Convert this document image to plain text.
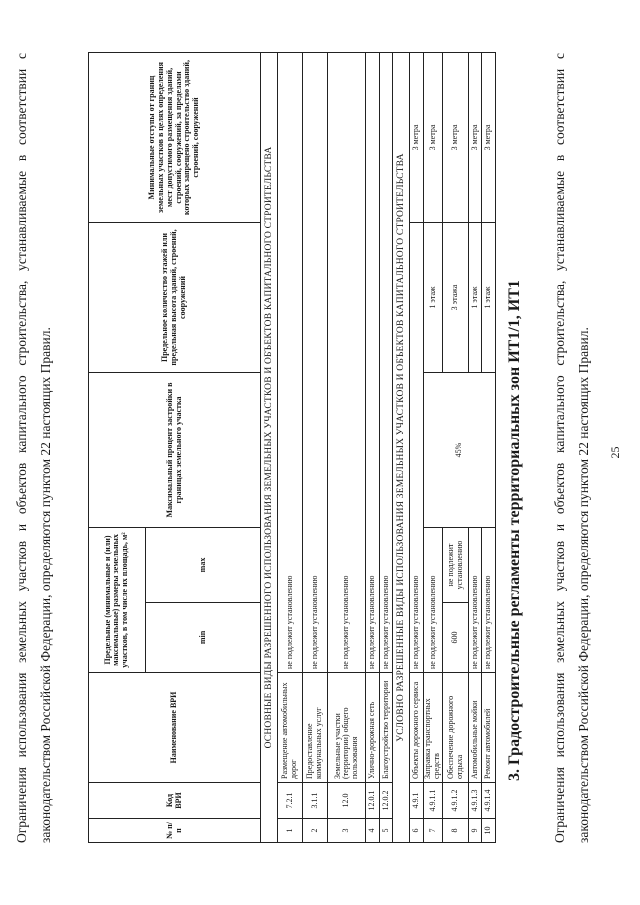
25
Ограничения использования земельных участков и объектов капитального строительства, устанавливаемые в соответствии с законодательством Российской Федерации, определяются пунктом 22 настоящих Правил.
3. Градостроительные регламенты территориальных зон ИТ1/1, ИТ1
№ п/п	Код ВРИ	Наименование ВРИ	Предельные (минимальные и (или) максимальные) размеры земельных участков, в том числе их площадь, м²		Максимальный процент застройки в границах земельного участка	Предельное количество этажей или предельная высота зданий, строений, сооружений	Минимальные отступы от границ земельных участков в целях определения мест допустимого размещения зданий, строений, сооружений, за пределами которых запрещено строительство зданий, строений, сооружений
			min	max			
ОСНОВНЫЕ ВИДЫ РАЗРЕШЕННОГО ИСПОЛЬЗОВАНИЯ ЗЕМЕЛЬНЫХ УЧАСТКОВ И ОБЪЕКТОВ КАПИТАЛЬНОГО СТРОИТЕЛЬСТВА							
1	7.2.1	Размещение автомобильных дорог	не подлежит установлению				
2	3.1.1	Предоставление коммунальных услуг	не подлежит установлению				
3	12.0	Земельные участки (территории) общего пользования	не подлежит установлению				
4	12.0.1	Улично-дорожная сеть	не подлежит установлению				
5	12.0.2	Благоустройство территории	не подлежит установлению				
УСЛОВНО РАЗРЕШЕННЫЕ ВИДЫ ИСПОЛЬЗОВАНИЯ ЗЕМЕЛЬНЫХ УЧАСТКОВ И ОБЪЕКТОВ КАПИТАЛЬНОГО СТРОИТЕЛЬСТВА							
6	4.9.1	Объекты дорожного сервиса	не подлежит установлению				3 метра
7	4.9.1.1	Заправка транспортных средств	не подлежит установлению		45%	1 этаж	3 метра
8	4.9.1.2	Обеспечение дорожного отдыха	600	не подлежит установлению		3 этажа	3 метра
9	4.9.1.3	Автомобильные мойки	не подлежит установлению			1 этаж	3 метра
10	4.9.1.4	Ремонт автомобилей	не подлежит установлению			1 этаж	3 метра
Ограничения использования земельных участков и объектов капитального строительства, устанавливаемые в соответствии с законодательством Российской Федерации, определяются пунктом 22 настоящих Правил.
